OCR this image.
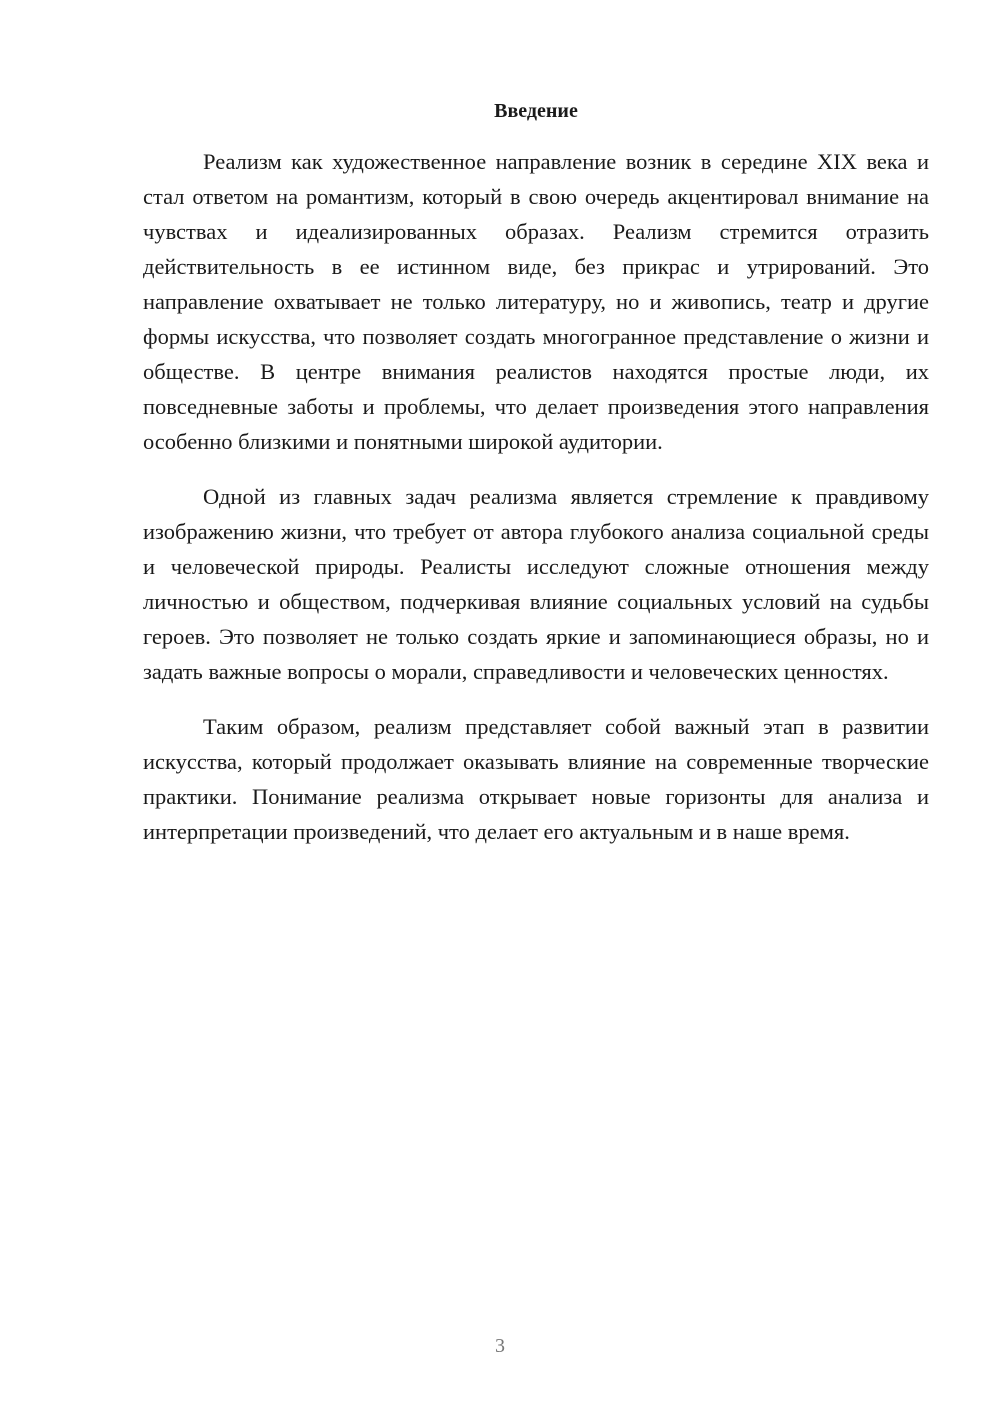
Введение

Реализм как художественное направление возник в середине XIX века и стал ответом на романтизм, который в свою очередь акцентировал внимание на чувствах и идеализированных образах. Реализм стремится отразить действительность в ее истинном виде, без прикрас и утрирований. Это направление охватывает не только литературу, но и живопись, театр и другие формы искусства, что позволяет создать многогранное представление о жизни и обществе. В центре внимания реалистов находятся простые люди, их повседневные заботы и проблемы, что делает произведения этого направления особенно близкими и понятными широкой аудитории.

Одной из главных задач реализма является стремление к правдивому изображению жизни, что требует от автора глубокого анализа социальной среды и человеческой природы. Реалисты исследуют сложные отношения между личностью и обществом, подчеркивая влияние социальных условий на судьбы героев. Это позволяет не только создать яркие и запоминающиеся образы, но и задать важные вопросы о морали, справедливости и человеческих ценностях.

Таким образом, реализм представляет собой важный этап в развитии искусства, который продолжает оказывать влияние на современные творческие практики. Понимание реализма открывает новые горизонты для анализа и интерпретации произведений, что делает его актуальным и в наше время.

3
